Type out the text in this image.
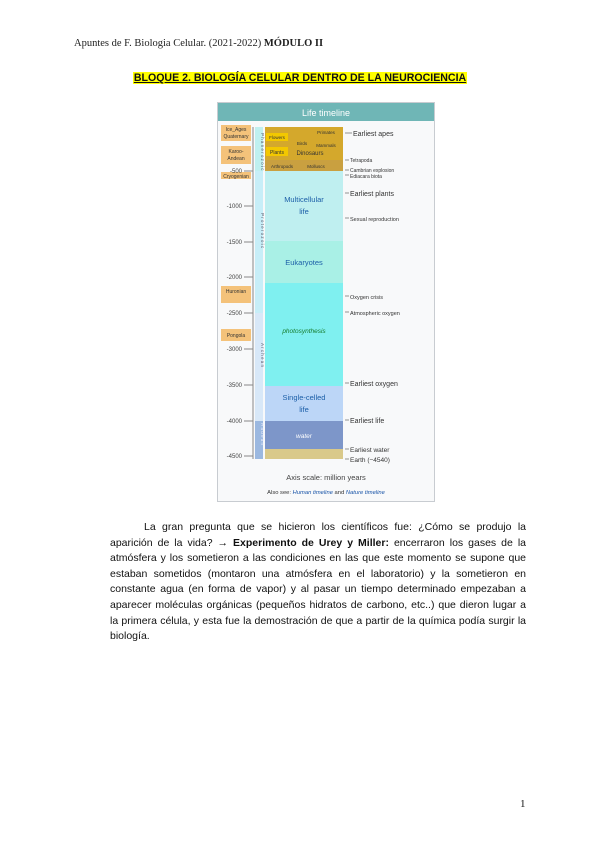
Apuntes de F. Biologia Celular. (2021-2022) MÓDULO II
BLOQUE 2. BIOLOGÍA CELULAR DENTRO DE LA NEUROCIENCIA
Life timeline
Ice_Ages
Quaternary
Karoo-
Andean
Cryogenian
Huronian
Pongola
-500
-1000
-1500
-2000
-2500
-3000
-3500
-4000
-4500
P h a n e r o z o i c
P r o t e r o z o i c
A r c h e a n
H a d e a n
Flowers
Plants
Birds Mammals
Primates
Dinosaurs
Arthropods	Molluscs
Multicellular
life
Eukaryotes
photosynthesis
Single-celled
life
water
Earliest apes
Tetrapoda
Cambrian explosion
Ediacara biota
Earliest plants
Sexual reproduction
Oxygen crisis
Atmospheric oxygen
Earliest oxygen
Earliest life
Earliest water
Earth (−4540)
Axis scale: million years
Also see: Human timeline and Nature timeline

La gran pregunta que se hicieron los científicos fue: ¿Cómo se produjo la aparición de la vida? → Experimento de Urey y Miller: encerraron los gases de la atmósfera y los sometieron a las condiciones en las que este momento se supone que estaban sometidos (montaron una atmósfera en el laboratorio) y la sometieron en constante agua (en forma de vapor) y al pasar un tiempo determinado empezaban a aparecer moléculas orgánicas (pequeños hidratos de carbono, etc..) que dieron lugar a la primera célula, y esta fue la demostración de que a partir de la química podía surgir la biología.

1
